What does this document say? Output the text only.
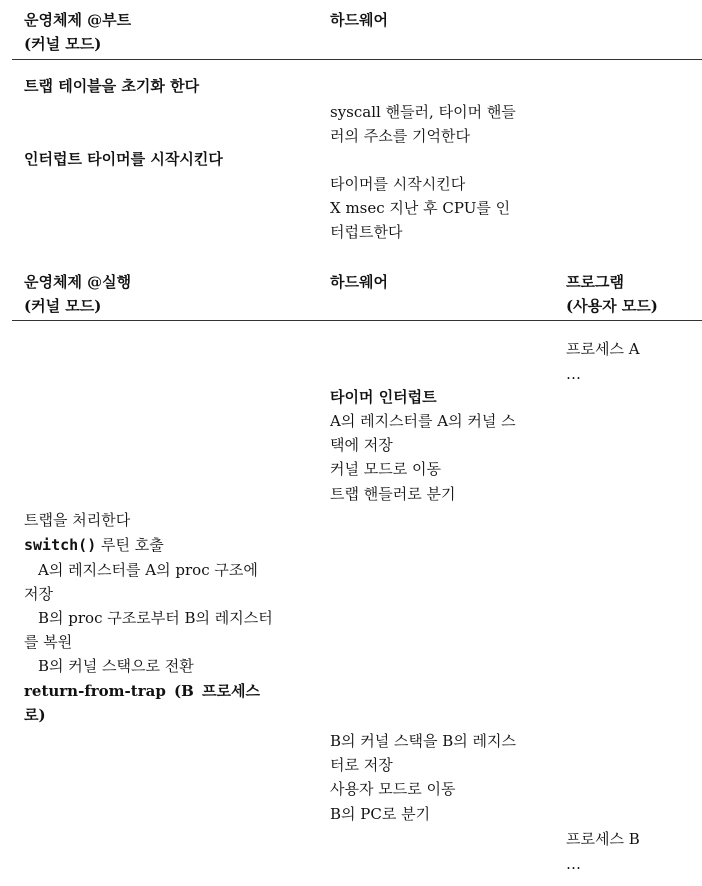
운영체제 @부트
(커널 모드)
하드웨어
트랩 테이블을 초기화 한다
syscall 핸들러, 타이머 핸들
러의 주소를 기억한다
인터럽트 타이머를 시작시킨다
타이머를 시작시킨다
X msec 지난 후 CPU를 인
터럽트한다
운영체제 @실행
(커널 모드)
하드웨어	프로그램
(사용자 모드)
프로세스 A
…
타이머 인터럽트
A의 레지스터를 A의 커널 스
택에 저장
커널 모드로 이동
트랩 핸들러로 분기
트랩을 처리한다
switch() 루틴 호출
A의 레지스터를 A의 proc 구조에
저장
B의 proc 구조로부터 B의 레지스터
를 복원
B의 커널 스택으로 전환
return-from-trap (B 프로세스
로)
B의 커널 스택을 B의 레지스
터로 저장
사용자 모드로 이동
B의 PC로 분기
프로세스 B
…
